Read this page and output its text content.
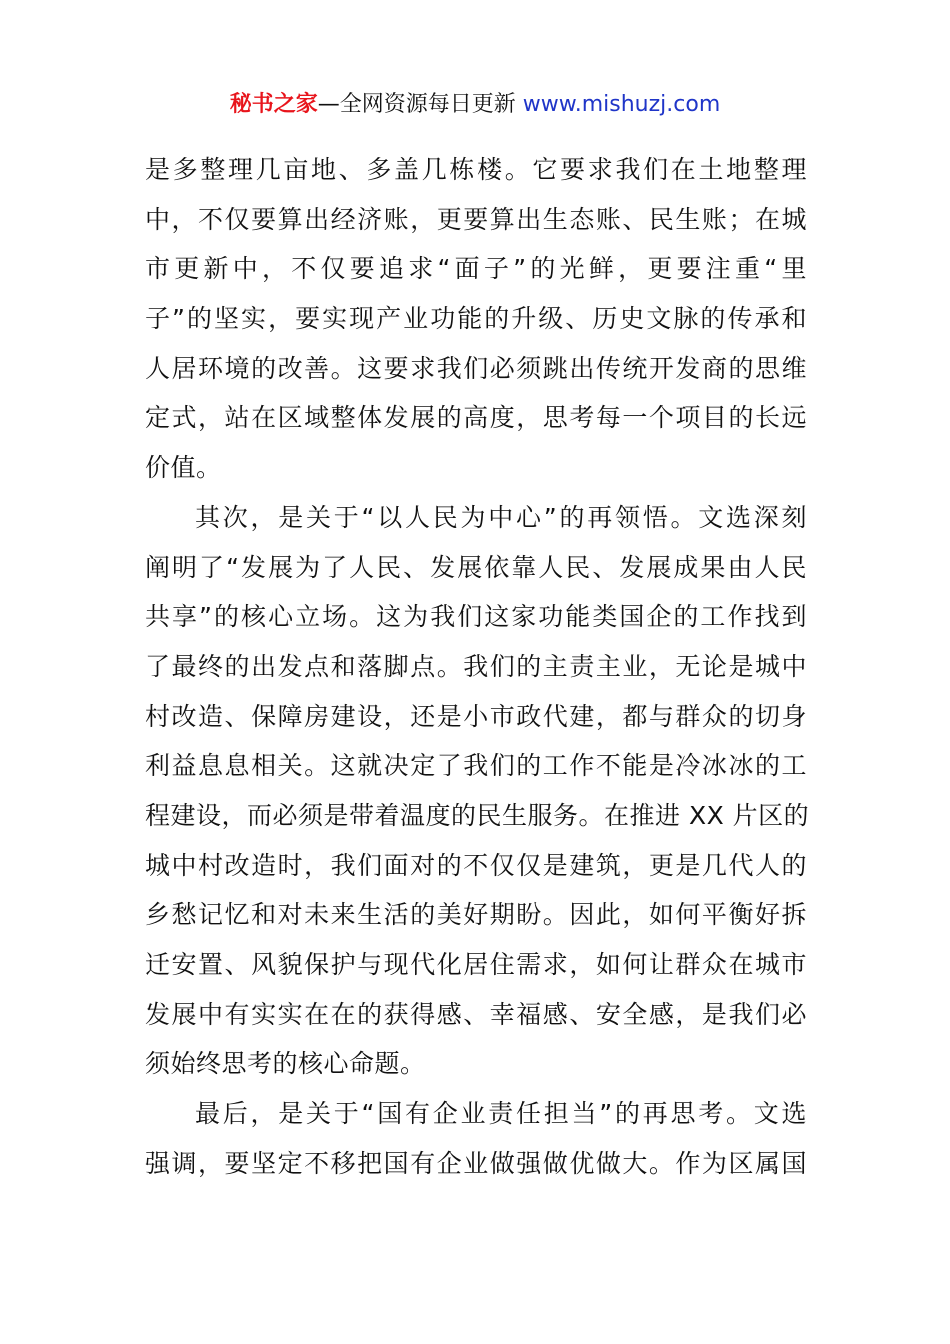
秘书之家—全网资源每日更新 www.mishuzj.com
是多整理几亩地、多盖几栋楼。它要求我们在土地整理
中，不仅要算出经济账，更要算出生态账、民生账；在城
市更新中，不仅要追求“面子”的光鲜，更要注重“里
子”的坚实，要实现产业功能的升级、历史文脉的传承和
人居环境的改善。这要求我们必须跳出传统开发商的思维
定式，站在区域整体发展的高度，思考每一个项目的长远
价值。
其次，是关于“以人民为中心”的再领悟。文选深刻
阐明了“发展为了人民、发展依靠人民、发展成果由人民
共享”的核心立场。这为我们这家功能类国企的工作找到
了最终的出发点和落脚点。我们的主责主业，无论是城中
村改造、保障房建设，还是小市政代建，都与群众的切身
利益息息相关。这就决定了我们的工作不能是冷冰冰的工
程建设，而必须是带着温度的民生服务。在推进 XX 片区的
城中村改造时，我们面对的不仅仅是建筑，更是几代人的
乡愁记忆和对未来生活的美好期盼。因此，如何平衡好拆
迁安置、风貌保护与现代化居住需求，如何让群众在城市
发展中有实实在在的获得感、幸福感、安全感，是我们必
须始终思考的核心命题。
最后，是关于“国有企业责任担当”的再思考。文选
强调，要坚定不移把国有企业做强做优做大。作为区属国
